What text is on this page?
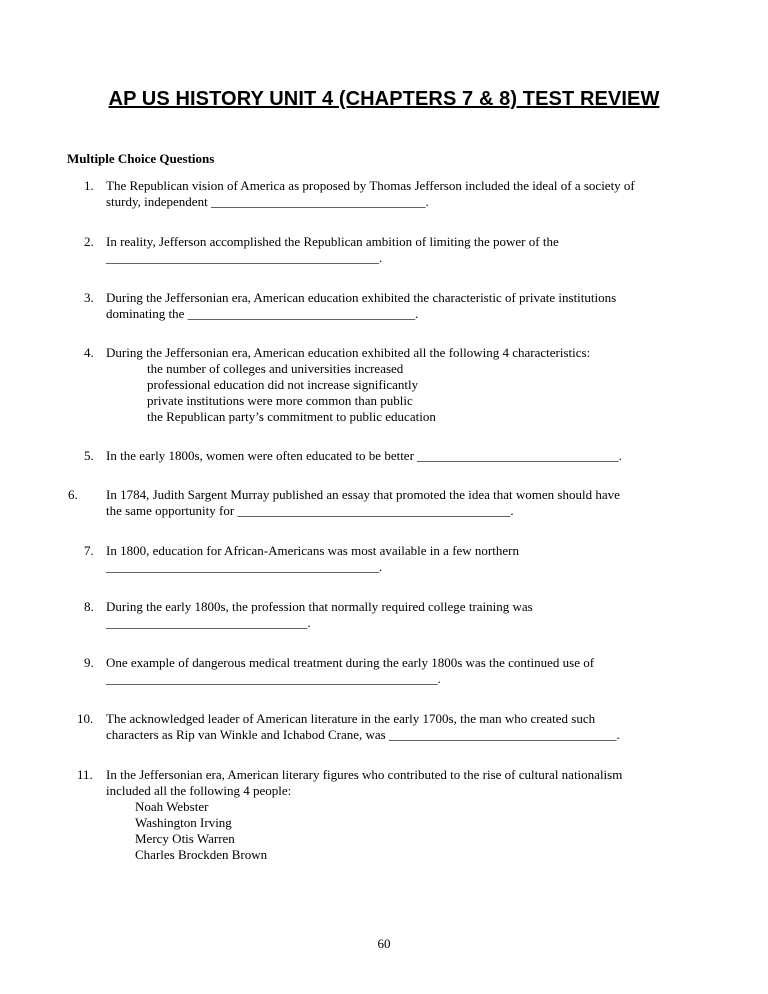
AP US HISTORY UNIT 4 (CHAPTERS 7 & 8) TEST REVIEW
Multiple Choice Questions
1. The Republican vision of America as proposed by Thomas Jefferson included the ideal of a society of
sturdy, independent _________________________________.
2. In reality, Jefferson accomplished the Republican ambition of limiting the power of the
__________________________________________.
3. During the Jeffersonian era, American education exhibited the characteristic of private institutions
dominating the ___________________________________.
4. During the Jeffersonian era, American education exhibited all the following 4 characteristics:
the number of colleges and universities increased
professional education did not increase significantly
private institutions were more common than public
the Republican party’s commitment to public education
5. In the early 1800s, women were often educated to be better _______________________________.
6.	In 1784, Judith Sargent Murray published an essay that promoted the idea that women should have
the same opportunity for __________________________________________.
7. In 1800, education for African-Americans was most available in a few northern
__________________________________________.
8. During the early 1800s, the profession that normally required college training was
_______________________________.
9. One example of dangerous medical treatment during the early 1800s was the continued use of
___________________________________________________.
10. The acknowledged leader of American literature in the early 1700s, the man who created such
characters as Rip van Winkle and Ichabod Crane, was ___________________________________.
11.	In the Jeffersonian era, American literary figures who contributed to the rise of cultural nationalism
included all the following 4 people:
Noah Webster
Washington Irving
Mercy Otis Warren
Charles Brockden Brown
60
